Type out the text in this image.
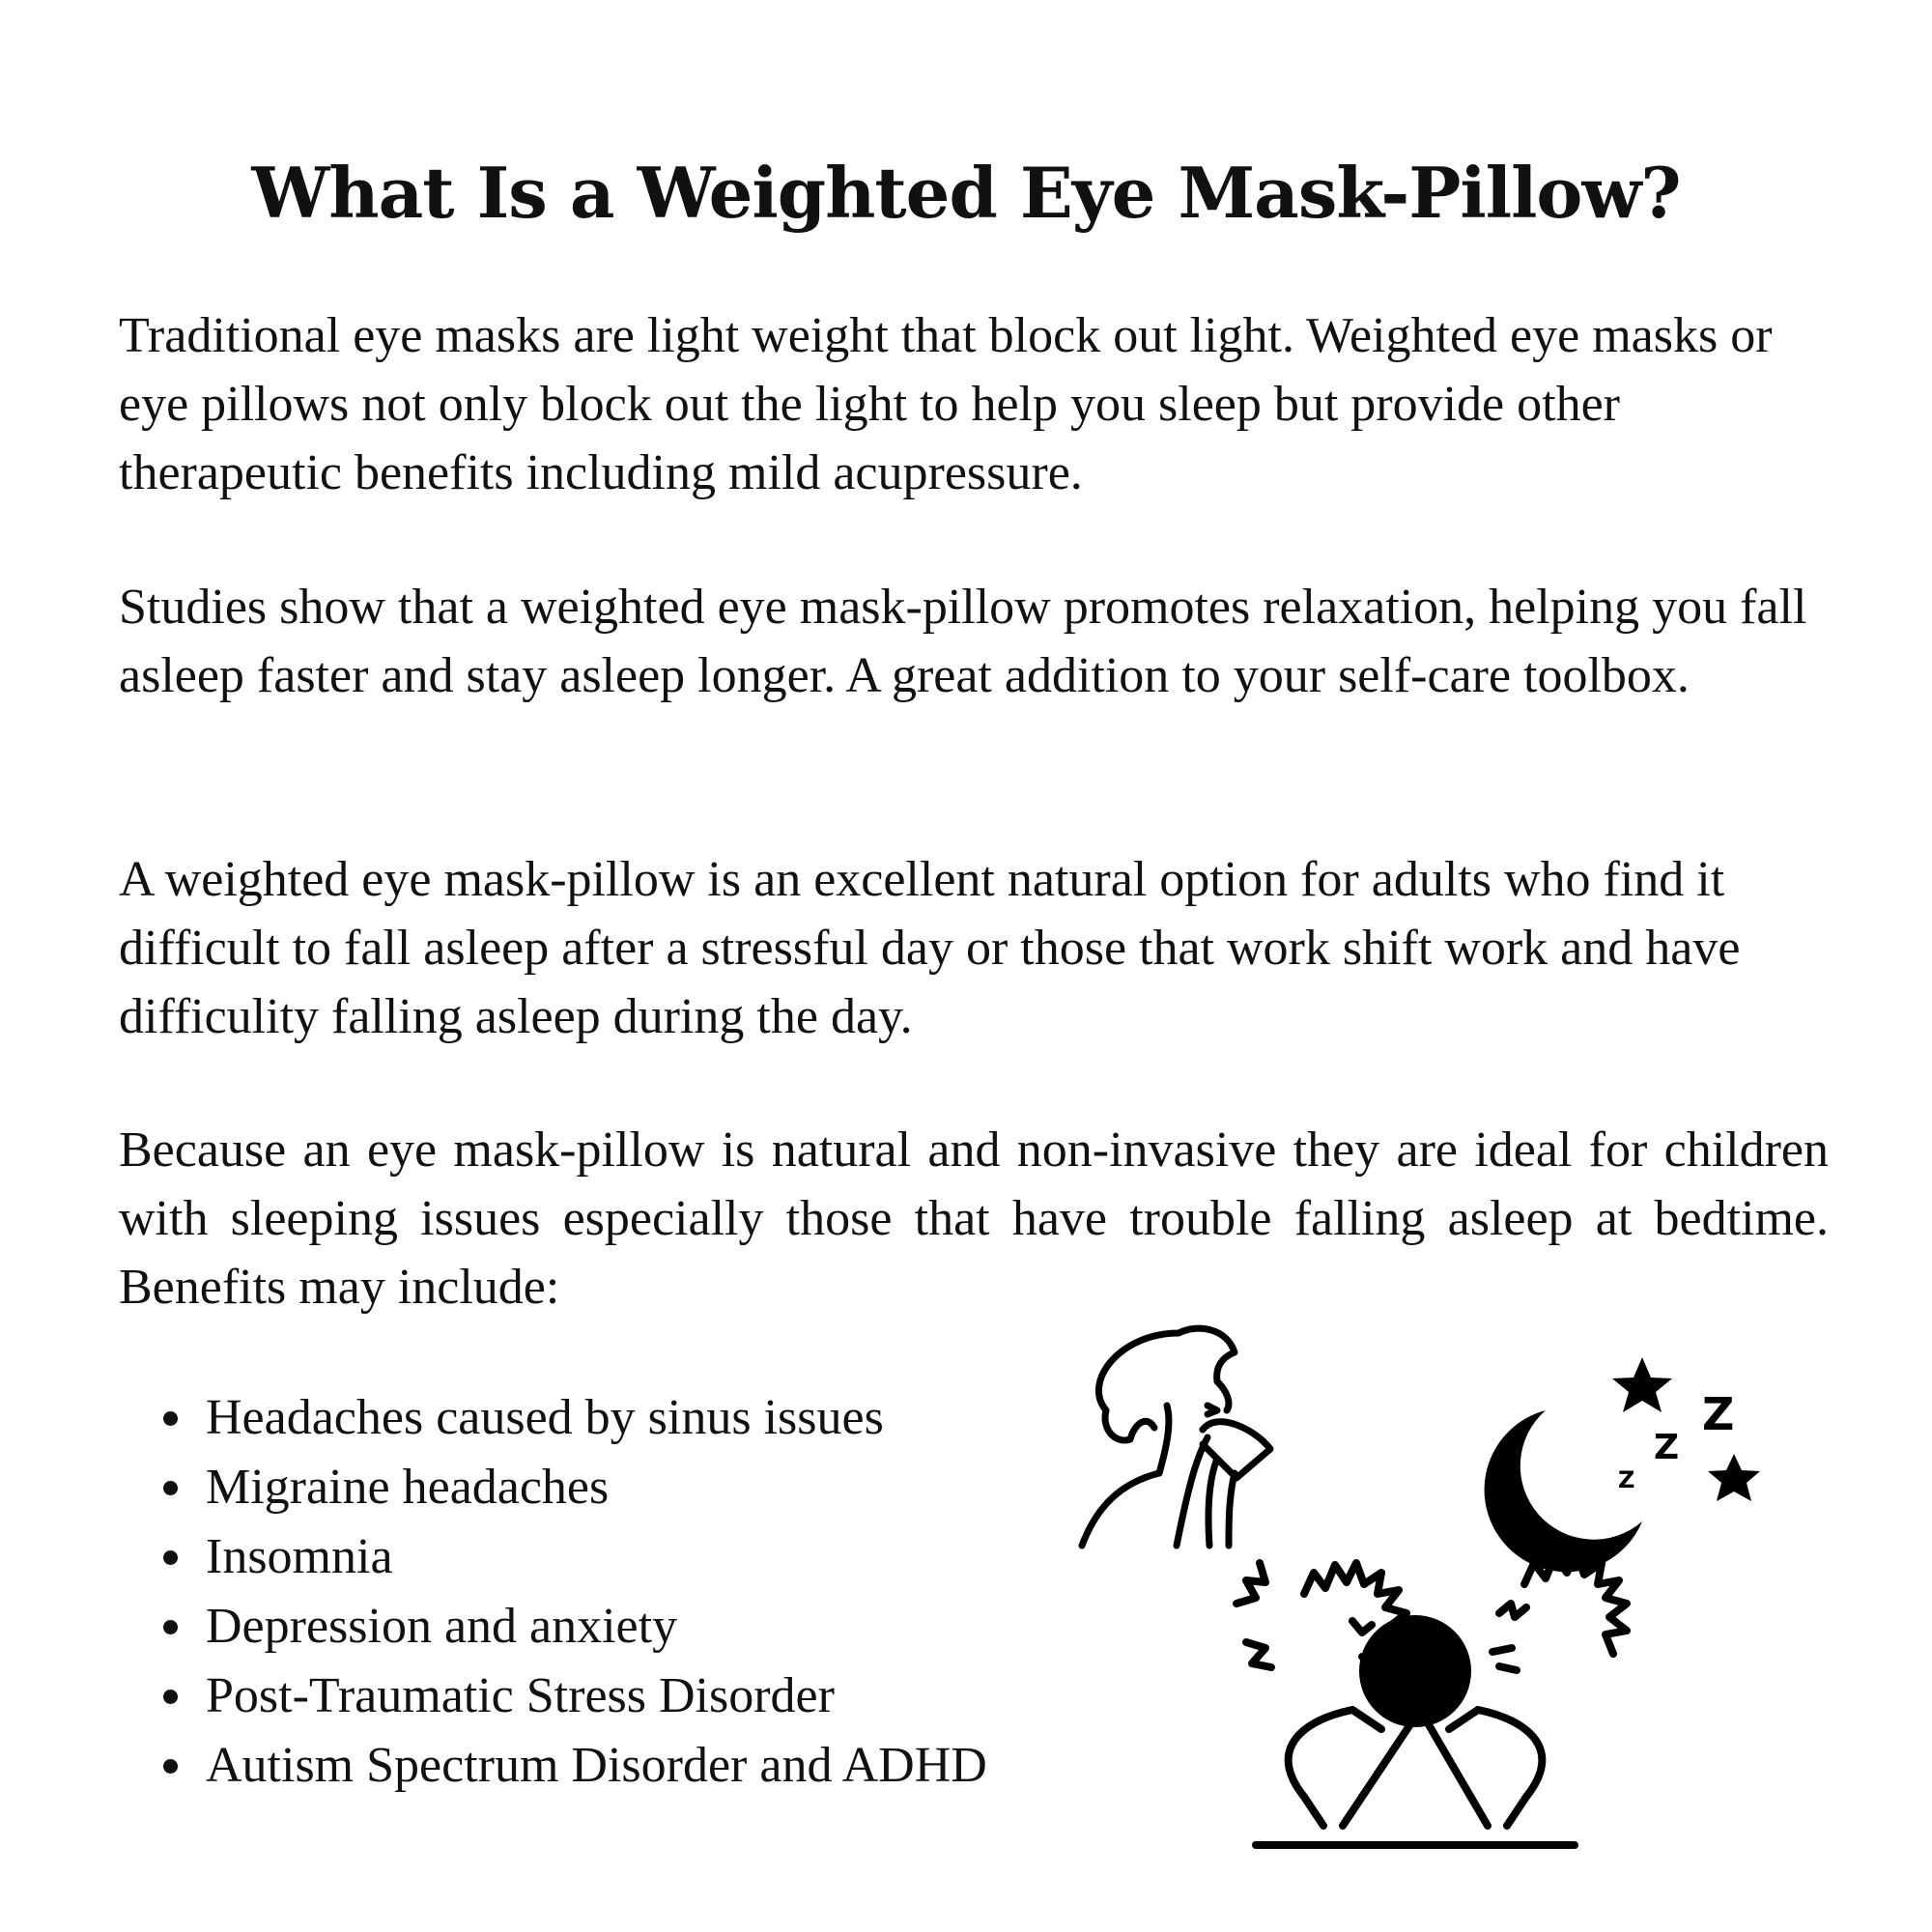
What Is a Weighted Eye Mask-Pillow?

Traditional eye masks are light weight that block out light. Weighted eye masks or eye pillows not only block out the light to help you sleep but provide other therapeutic benefits including mild acupressure.

Studies show that a weighted eye mask-pillow promotes relaxation, helping you fall asleep faster and stay asleep longer. A great addition to your self-care toolbox.

A weighted eye mask-pillow is an excellent natural option for adults who find it difficult to fall asleep after a stressful day or those that work shift work and have difficulity falling asleep during the day.

Because an eye mask-pillow is natural and non-invasive they are ideal for children with sleeping issues especially those that have trouble falling asleep at bedtime. Benefits may include:

Headaches caused by sinus issues
Migraine headaches
Insomnia
Depression and anxiety
Post-Traumatic Stress Disorder
Autism Spectrum Disorder and ADHD
Z
Z
Z
